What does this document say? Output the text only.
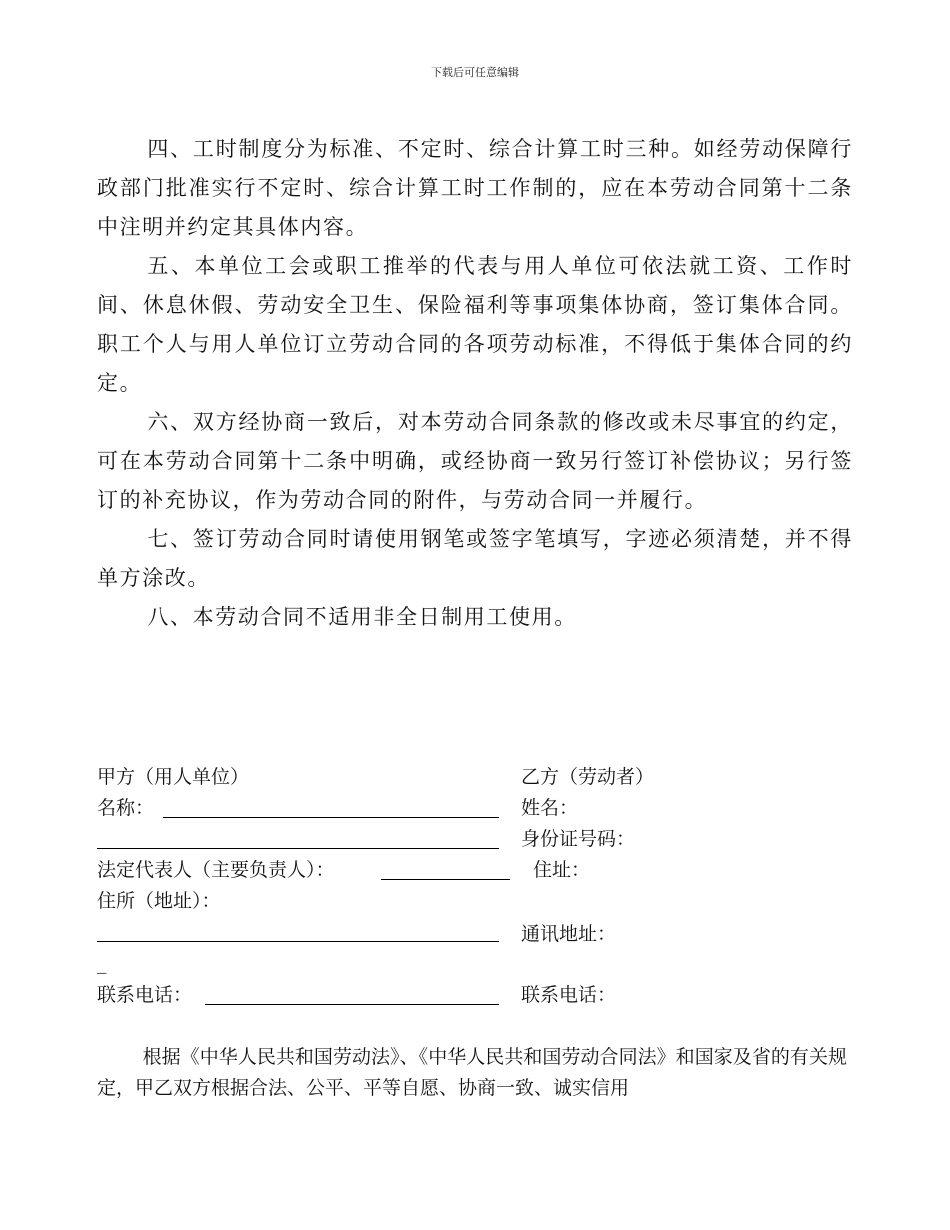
下载后可任意编辑

四、工时制度分为标准、不定时、综合计算工时三种。如经劳动保障行政部门批准实行不定时、综合计算工时工作制的，应在本劳动合同第十二条中注明并约定其具体内容。

五、本单位工会或职工推举的代表与用人单位可依法就工资、工作时间、休息休假、劳动安全卫生、保险福利等事项集体协商，签订集体合同。职工个人与用人单位订立劳动合同的各项劳动标准，不得低于集体合同的约定。

六、双方经协商一致后，对本劳动合同条款的修改或未尽事宜的约定，可在本劳动合同第十二条中明确，或经协商一致另行签订补偿协议；另行签订的补充协议，作为劳动合同的附件，与劳动合同一并履行。

七、签订劳动合同时请使用钢笔或签字笔填写，字迹必须清楚，并不得单方涂改。

八、本劳动合同不适用非全日制用工使用。

甲方（用人单位）
名称：
法定代表人（主要负责人）：
住所（地址）：
_
联系电话：
乙方（劳动者）
姓名：
身份证号码：
住址：
通讯地址：
联系电话：

根据《中华人民共和国劳动法》、《中华人民共和国劳动合同法》和国家及省的有关规定，甲乙双方根据合法、公平、平等自愿、协商一致、诚实信用
